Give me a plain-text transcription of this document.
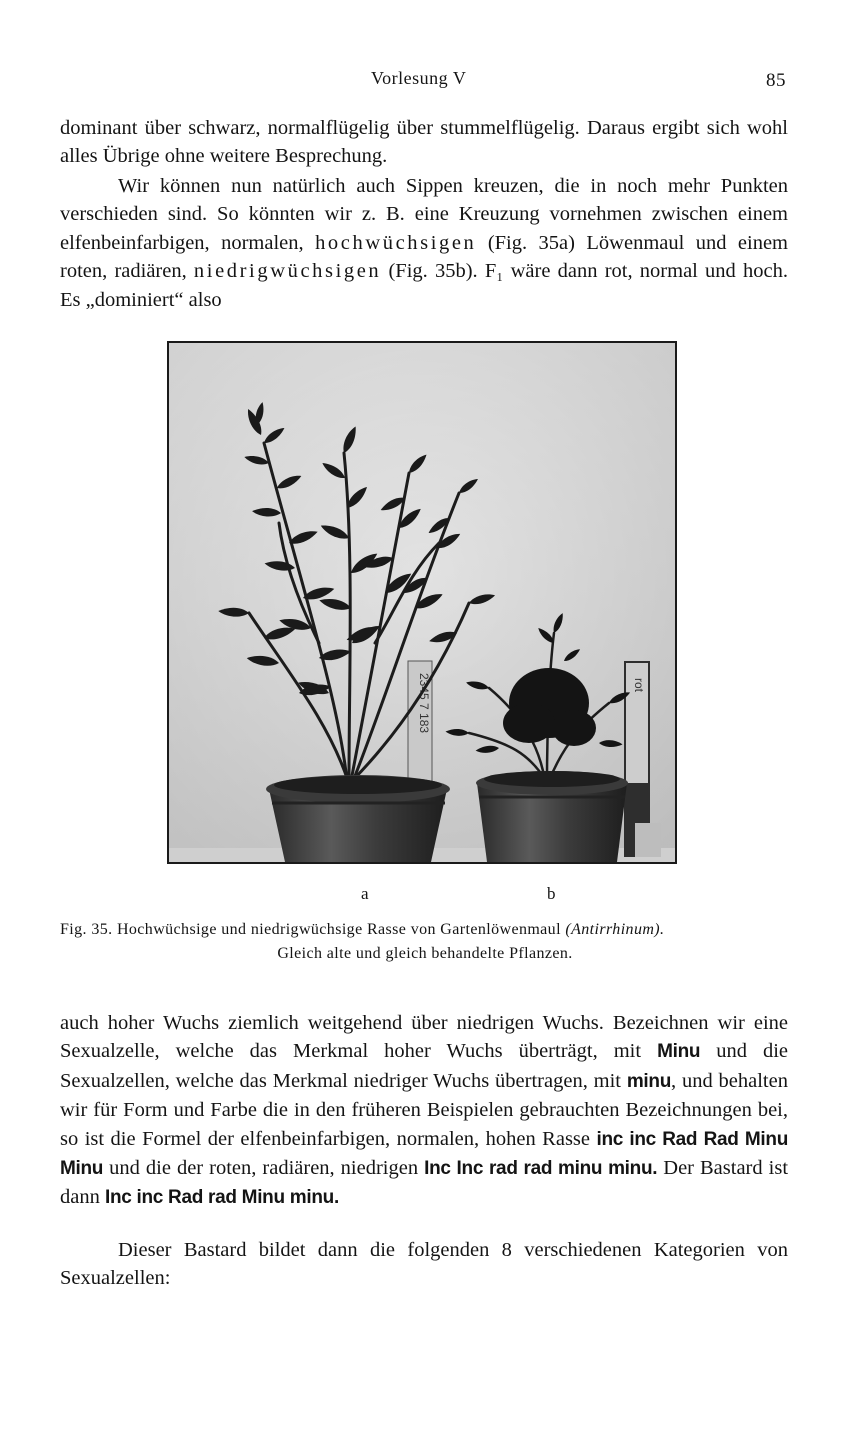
Vorlesung V	85

dominant über schwarz, normalflügelig über stummelflügelig. Daraus ergibt sich wohl alles Übrige ohne weitere Besprechung.

Wir können nun natürlich auch Sippen kreuzen, die in noch mehr Punkten verschieden sind. So könnten wir z. B. eine Kreuzung vornehmen zwischen einem elfenbeinfarbigen, normalen, hochwüchsigen (Fig. 35a) Löwenmaul und einem roten, radiären, niedrigwüchsigen (Fig. 35b). F₁ wäre dann rot, normal und hoch. Es „dominiert“ also

2345 7 183	rot
a	b
Fig. 35. Hochwüchsige und niedrigwüchsige Rasse von Gartenlöwenmaul (Antirrhinum).
Gleich alte und gleich behandelte Pflanzen.

auch hoher Wuchs ziemlich weitgehend über niedrigen Wuchs. Bezeichnen wir eine Sexualzelle, welche das Merkmal hoher Wuchs überträgt, mit Minu und die Sexualzellen, welche das Merkmal niedriger Wuchs übertragen, mit minu, und behalten wir für Form und Farbe die in den früheren Beispielen gebrauchten Bezeichnungen bei, so ist die Formel der elfenbeinfarbigen, normalen, hohen Rasse inc inc Rad Rad Minu Minu und die der roten, radiären, niedrigen Inc Inc rad rad minu minu. Der Bastard ist dann Inc inc Rad rad Minu minu.

Dieser Bastard bildet dann die folgenden 8 verschiedenen Kategorien von Sexualzellen:
